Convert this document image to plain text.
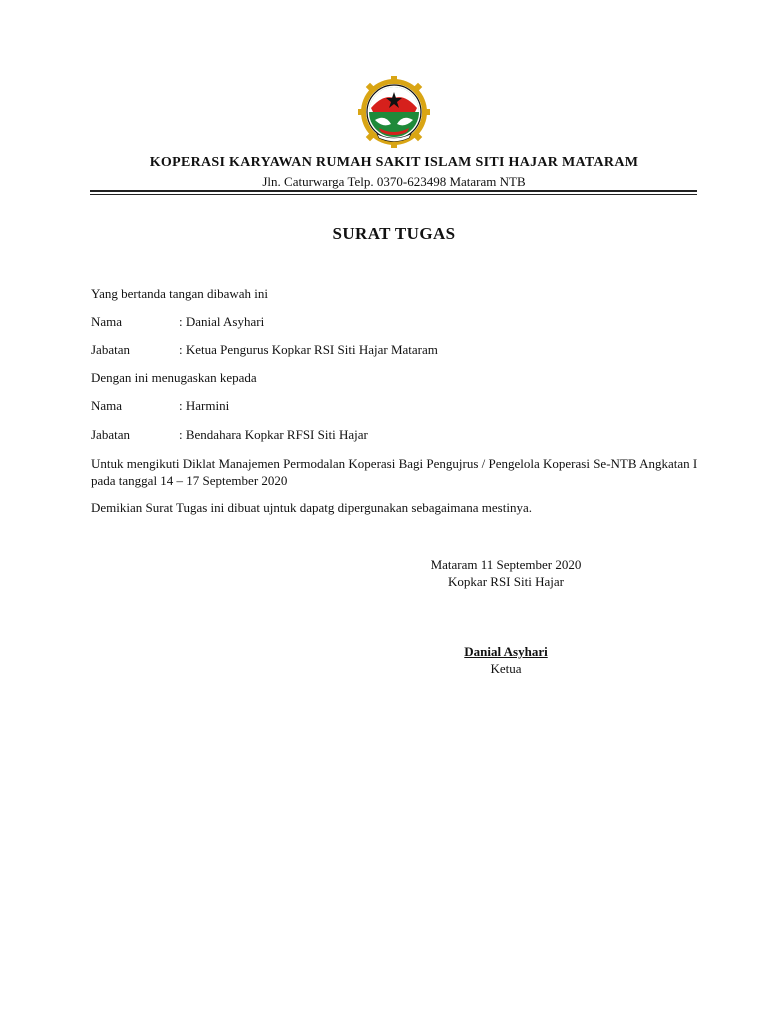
KOPERASI KARYAWAN RUMAH SAKIT ISLAM SITI HAJAR MATARAM
Jln. Caturwarga Telp. 0370-623498 Mataram NTB
SURAT TUGAS
Yang bertanda tangan dibawah ini
Nama	: Danial Asyhari
Jabatan	: Ketua Pengurus Kopkar RSI Siti Hajar Mataram
Dengan ini menugaskan kepada
Nama	: Harmini
Jabatan	: Bendahara Kopkar RFSI Siti Hajar
Untuk mengikuti Diklat Manajemen Permodalan Koperasi Bagi Pengujrus / Pengelola Koperasi Se-NTB Angkatan I pada tanggal 14 – 17 September 2020
Demikian Surat Tugas ini dibuat ujntuk dapatg dipergunakan sebagaimana mestinya.
Mataram 11 September 2020
Kopkar RSI Siti Hajar
Danial Asyhari
Ketua
